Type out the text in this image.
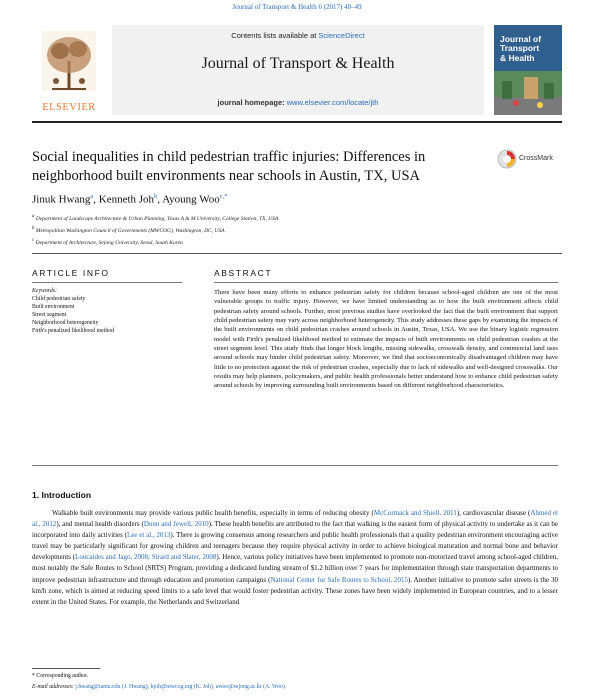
Journal of Transport & Health 6 (2017) 40–49
ELSEVIER
Contents lists available at ScienceDirect
Journal of Transport & Health
journal homepage: www.elsevier.com/locate/jth
Journal of
Transport
& Health
Social inequalities in child pedestrian traffic injuries: Differences in neighborhood built environments near schools in Austin, TX, USA
CrossMark
Jinuk Hwang$^a$, Kenneth Joh$^b$, Ayoung Woo$^{c,*}$
$^a$ Department of Landscape Architecture & Urban Planning, Texas A & M University, College Station, TX, USA
$^b$ Metropolitan Washington Council of Governments (MWCOG), Washington, DC, USA
$^c$ Department of Architecture, Sejong University, Seoul, South Korea
ARTICLE INFO	ABSTRACT
Keywords:
Child pedestrian safety
Built environment
Street segment
Neighborhood heterogeneity
Firth's penalized likelihood method
There have been many efforts to enhance pedestrian safety for children because school-aged children are one of the most vulnerable groups to traffic injury. However, we have limited understanding as to how the built environment affects child pedestrian safety around schools. Further, most previous studies have overlooked the fact that the built environment that support child pedestrian safety may vary across neighborhood heterogeneity. This study addresses these gaps by examining the impacts of the built environments on child pedestrian crashes around schools in Austin, Texas, USA. We use the binary logistic regression model with Firth's penalized likelihood method to estimate the impacts of built environments on child pedestrian crashes at the street segment level. This study finds that longer block lengths, missing sidewalks, crosswalk density, and commercial land uses around schools may hinder child pedestrian safety. Moreover, we find that socioeconomically disadvantaged children may have little to no protection against the risk of pedestrian crashes, especially due to lack of sidewalks and well-designed crosswalks. Our results may help planners, policymakers, and public health professionals better understand how to enhance child pedestrian safety around schools by improving surrounding built environments based on different neighborhood characteristics.
1. Introduction
Walkable built environments may provide various public health benefits, especially in terms of reducing obesity (McCormack and Shiell, 2011), cardiovascular disease (Ahmed et al., 2012), and mental health disorders (Dunn and Jewell, 2010). These health benefits are attributed to the fact that walking is the easiest form of physical activity to undertake as it can be incorporated into daily activities (Lee et al., 2013). There is growing consensus among researchers and public health professionals that a quality pedestrian environment encouraging active travel may be particularly significant for growing children and teenagers because they require physical activity in order to achieve biological maturation and normal bone and behavior developments (Loucaides and Jago, 2008; Sirard and Slater, 2008). Hence, various policy initiatives have been implemented to promote non-motorized travel among school-aged children, most notably the Safe Routes to School (SRTS) Program, providing a dedicated funding stream of $1.2 billion over 7 years for implementation through state transportation departments to improve pedestrian infrastructure and through education and promotion campaigns (National Center for Safe Routes to School, 2015). Another initiative to promote safer streets is the 30 km/h zone, which is aimed at reducing speed limits to a safe level that would foster pedestrian activity. These zones have been widely implemented in European countries, and to a lesser extent in the United States. For example, the Netherlands and Switzerland
* Corresponding author.
E-mail addresses: j.hwang@tamu.edu (J. Hwang), kjoh@mwcog.org (K. Joh), awoo@sejong.ac.kr (A. Woo).
